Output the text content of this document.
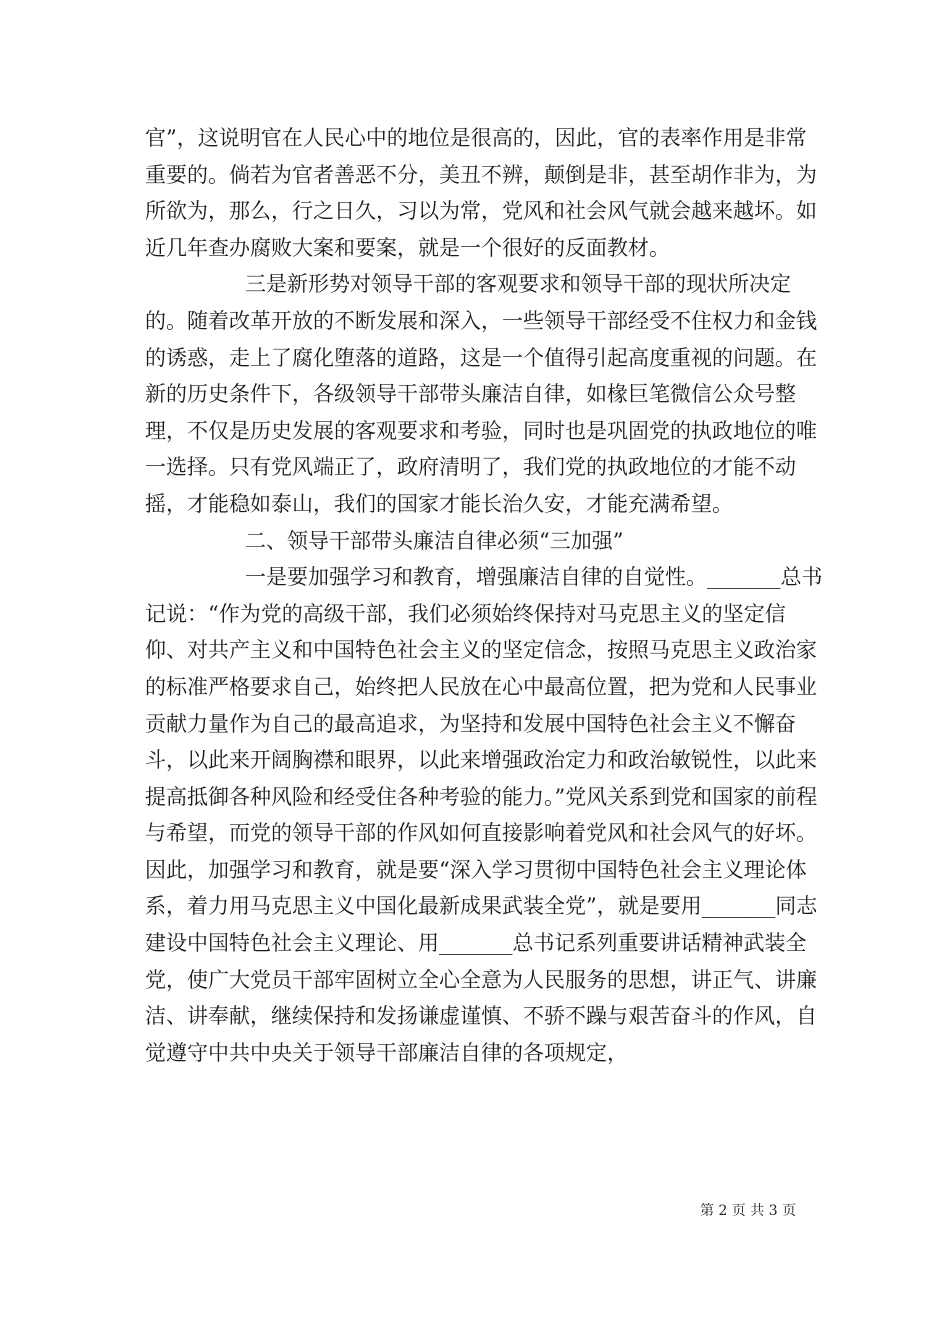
官”，这说明官在人民心中的地位是很高的，因此，官的表率作用是非常重要的。倘若为官者善恶不分，美丑不辨，颠倒是非，甚至胡作非为，为所欲为，那么，行之日久，习以为常，党风和社会风气就会越来越坏。如近几年查办腐败大案和要案，就是一个很好的反面教材。

三是新形势对领导干部的客观要求和领导干部的现状所决定的。随着改革开放的不断发展和深入，一些领导干部经受不住权力和金钱的诱惑，走上了腐化堕落的道路，这是一个值得引起高度重视的问题。在新的历史条件下，各级领导干部带头廉洁自律，如椽巨笔微信公众号整理，不仅是历史发展的客观要求和考验，同时也是巩固党的执政地位的唯一选择。只有党风端正了，政府清明了，我们党的执政地位的才能不动摇，才能稳如泰山，我们的国家才能长治久安，才能充满希望。

二、领导干部带头廉洁自律必须“三加强”

一是要加强学习和教育，增强廉洁自律的自觉性。_______总书记说：“作为党的高级干部，我们必须始终保持对马克思主义的坚定信仰、对共产主义和中国特色社会主义的坚定信念，按照马克思主义政治家的标准严格要求自己，始终把人民放在心中最高位置，把为党和人民事业贡献力量作为自己的最高追求，为坚持和发展中国特色社会主义不懈奋斗，以此来开阔胸襟和眼界，以此来增强政治定力和政治敏锐性，以此来提高抵御各种风险和经受住各种考验的能力。”党风关系到党和国家的前程与希望，而党的领导干部的作风如何直接影响着党风和社会风气的好坏。因此，加强学习和教育，就是要“深入学习贯彻中国特色社会主义理论体系，着力用马克思主义中国化最新成果武装全党”，就是要用_______同志建设中国特色社会主义理论、用_______总书记系列重要讲话精神武装全党，使广大党员干部牢固树立全心全意为人民服务的思想，讲正气、讲廉洁、讲奉献，继续保持和发扬谦虚谨慎、不骄不躁与艰苦奋斗的作风，自觉遵守中共中央关于领导干部廉洁自律的各项规定，

第 2 页 共 3 页
